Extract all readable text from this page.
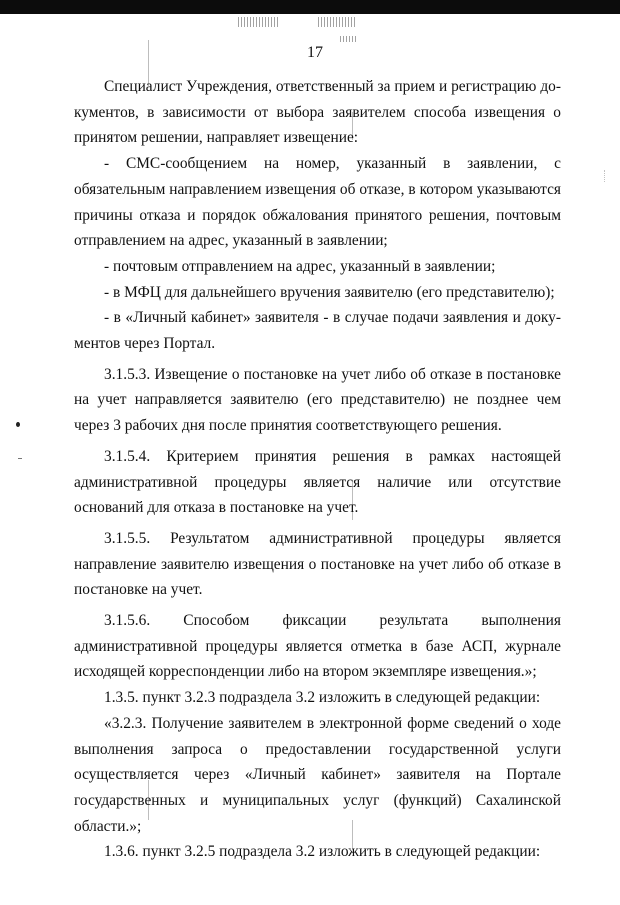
17

Специалист Учреждения, ответственный за прием и регистрацию документов, в зависимости от выбора заявителем способа извещения о принятом решении, направляет извещение:

- СМС-сообщением на номер, указанный в заявлении, с обязательным направлением извещения об отказе, в котором указываются причины отказа и порядок обжалования принятого решения, почтовым отправлением на адрес, указанный в заявлении;

- почтовым отправлением на адрес, указанный в заявлении;

- в МФЦ для дальнейшего вручения заявителю (его представителю);

- в «Личный кабинет» заявителя - в случае подачи заявления и документов через Портал.

3.1.5.3. Извещение о постановке на учет либо об отказе в постановке на учет направляется заявителю (его представителю) не позднее чем через 3 рабочих дня после принятия соответствующего решения.

3.1.5.4. Критерием принятия решения в рамках настоящей административной процедуры является наличие или отсутствие оснований для отказа в постановке на учет.

3.1.5.5. Результатом административной процедуры является направление заявителю извещения о постановке на учет либо об отказе в постановке на учет.

3.1.5.6. Способом фиксации результата выполнения административной процедуры является отметка в базе АСП, журнале исходящей корреспонденции либо на втором экземпляре извещения.»;

1.3.5. пункт 3.2.3 подраздела 3.2 изложить в следующей редакции:

«3.2.3. Получение заявителем в электронной форме сведений о ходе выполнения запроса о предоставлении государственной услуги осуществляется через «Личный кабинет» заявителя на Портале государственных и муниципальных услуг (функций) Сахалинской области.»;

1.3.6. пункт 3.2.5 подраздела 3.2 изложить в следующей редакции:
